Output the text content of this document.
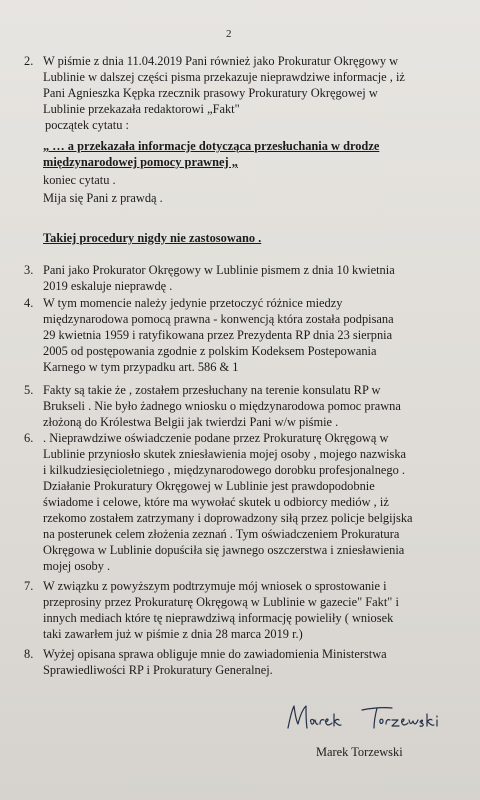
2
2. W piśmie z dnia 11.04.2019 Pani również jako Prokuratur Okręgowy w
Lublinie w dalszej części pisma przekazuje nieprawdziwe informacje , iż
Pani Agnieszka Kępka rzecznik prasowy Prokuratury Okręgowej w
Lublinie przekazała redaktorowi „Fakt"
początek cytatu :
„ … a przekazała informacje dotycząca przesłuchania w drodze
międzynarodowej pomocy prawnej „
koniec cytatu .
Mija się Pani z prawdą .
Takiej procedury nigdy nie zastosowano .
3. Pani jako Prokurator Okręgowy w Lublinie pismem z dnia 10 kwietnia
2019 eskaluje nieprawdę .
4. W tym momencie należy jedynie przetoczyć różnice miedzy
międzynarodowa pomocą prawna - konwencją która została podpisana
29 kwietnia 1959 i ratyfikowana przez Prezydenta RP dnia 23 sierpnia
2005 od postępowania zgodnie z polskim Kodeksem Postepowania
Karnego w tym przypadku art. 586 & 1
5. Fakty są takie że , zostałem przesłuchany na terenie konsulatu RP w
Brukseli . Nie było żadnego wniosku o międzynarodowa pomoc prawna
złożoną do Królestwa Belgii jak twierdzi Pani w/w piśmie .
6. . Nieprawdziwe oświadczenie podane przez Prokuraturę Okręgową w
Lublinie przyniosło skutek zniesławienia mojej osoby , mojego nazwiska
i kilkudziesięcioletniego , międzynarodowego dorobku profesjonalnego .
Działanie Prokuratury Okręgowej w Lublinie jest prawdopodobnie
świadome i celowe, które ma wywołać skutek u odbiorcy mediów , iż
rzekomo zostałem zatrzymany i doprowadzony siłą przez policje belgijska
na posterunek celem złożenia zeznań . Tym oświadczeniem Prokuratura
Okręgowa w Lublinie dopuściła się jawnego oszczerstwa i zniesławienia
mojej osoby .
7. W związku z powyższym podtrzymuje mój wniosek o sprostowanie i
przeprosiny przez Prokuraturę Okręgową w Lublinie w gazecie" Fakt" i
innych mediach które tę nieprawdziwą informację powieliły ( wniosek
taki zawarłem już w piśmie z dnia 28 marca 2019 r.)
8. Wyżej opisana sprawa obliguje mnie do zawiadomienia Ministerstwa
Sprawiedliwości RP i Prokuratury Generalnej.
Marek Torzewski
